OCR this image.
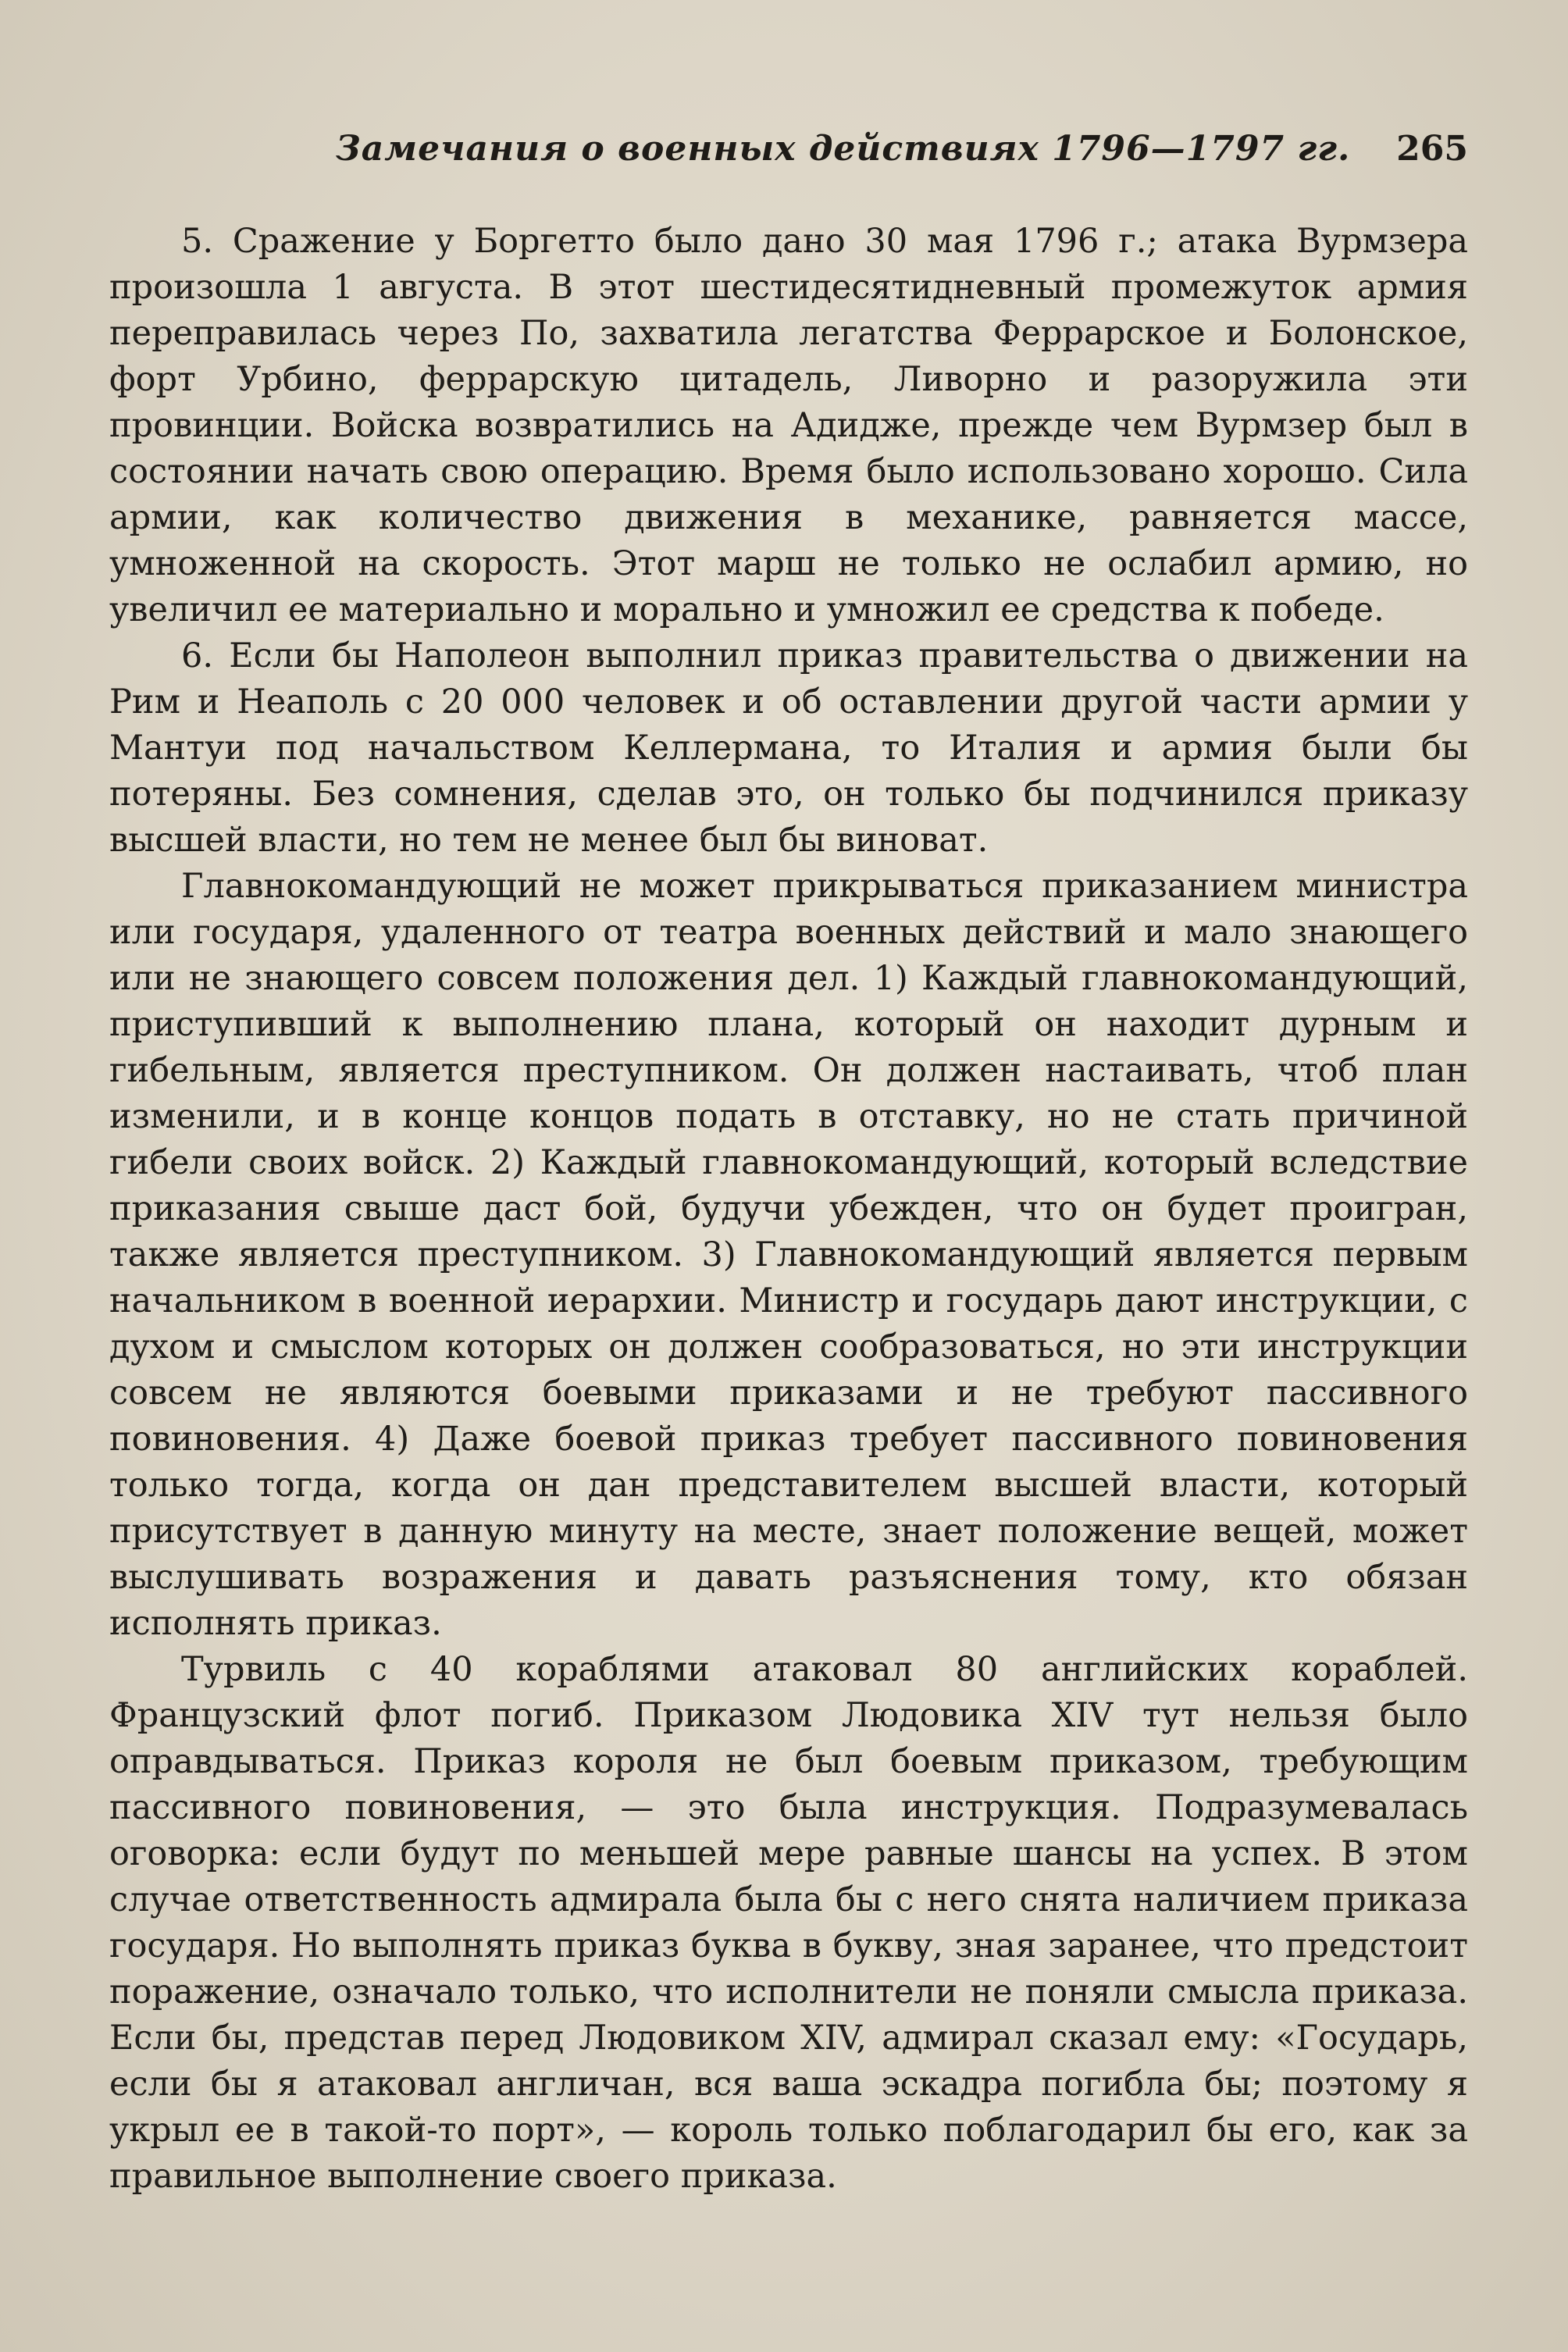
Замечания о военных действиях 1796—1797 гг. 265

5. Сражение у Боргетто было дано 30 мая 1796 г.; атака Вурмзера произошла 1 августа. В этот шестидесятидневный промежуток армия переправилась через По, захватила легатства Феррарское и Болонское, форт Урбино, феррарскую цитадель, Ливорно и разоружила эти провинции. Войска возвратились на Адидже, прежде чем Вурмзер был в состоянии начать свою операцию. Время было использовано хорошо. Сила армии, как количество движения в механике, равняется массе, умноженной на скорость. Этот марш не только не ослабил армию, но увеличил ее материально и морально и умножил ее средства к победе.

6. Если бы Наполеон выполнил приказ правительства о движении на Рим и Неаполь с 20 000 человек и об оставлении другой части армии у Мантуи под начальством Келлермана, то Италия и армия были бы потеряны. Без сомнения, сделав это, он только бы подчинился приказу высшей власти, но тем не менее был бы виноват.

Главнокомандующий не может прикрываться приказанием министра или государя, удаленного от театра военных действий и мало знающего или не знающего совсем положения дел. 1) Каждый главнокомандующий, приступивший к выполнению плана, который он находит дурным и гибельным, является преступником. Он должен настаивать, чтоб план изменили, и в конце концов подать в отставку, но не стать причиной гибели своих войск. 2) Каждый главнокомандующий, который вследствие приказания свыше даст бой, будучи убежден, что он будет проигран, также является преступником. 3) Главнокомандующий является первым начальником в военной иерархии. Министр и государь дают инструкции, с духом и смыслом которых он должен сообразоваться, но эти инструкции совсем не являются боевыми приказами и не требуют пассивного повиновения. 4) Даже боевой приказ требует пассивного повиновения только тогда, когда он дан представителем высшей власти, который присутствует в данную минуту на месте, знает положение вещей, может выслушивать возражения и давать разъяснения тому, кто обязан исполнять приказ.

Турвиль с 40 кораблями атаковал 80 английских кораблей. Французский флот погиб. Приказом Людовика XIV тут нельзя было оправдываться. Приказ короля не был боевым приказом, требующим пассивного повиновения, — это была инструкция. Подразумевалась оговорка: если будут по меньшей мере равные шансы на успех. В этом случае ответственность адмирала была бы с него снята наличием приказа государя. Но выполнять приказ буква в букву, зная заранее, что предстоит поражение, означало только, что исполнители не поняли смысла приказа. Если бы, представ перед Людовиком XIV, адмирал сказал ему: «Государь, если бы я атаковал англичан, вся ваша эскадра погибла бы; поэтому я укрыл ее в такой-то порт», — король только поблагодарил бы его, как за правильное выполнение своего приказа.
